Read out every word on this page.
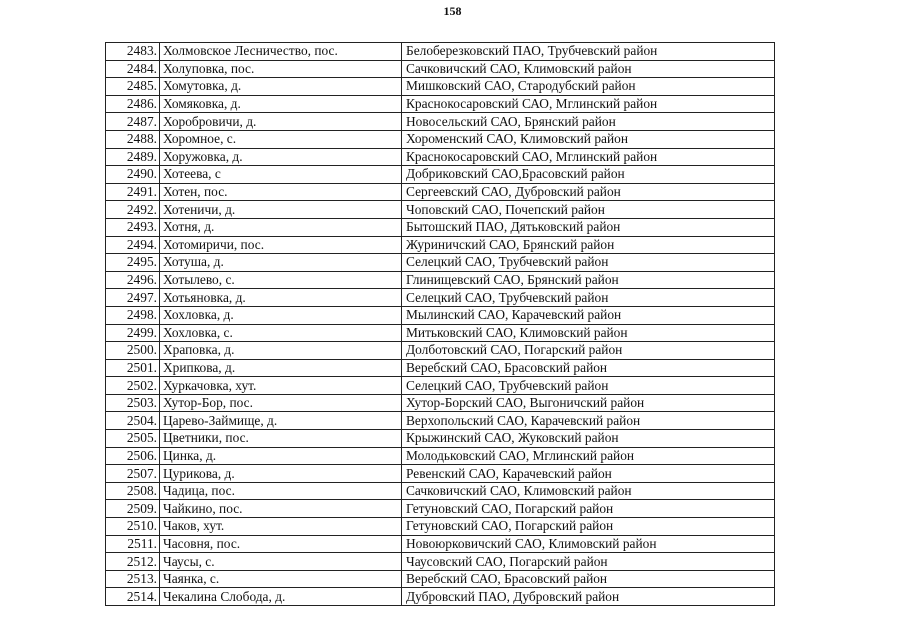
158
2483.	Холмовское Лесничество, пос.	Белоберезковский ПАО, Трубчевский район
2484.	Холуповка, пос.	Сачковичский САО, Климовский район
2485.	Хомутовка, д.	Мишковский САО, Стародубский район
2486.	Хомяковка, д.	Краснокосаровский САО, Мглинский район
2487.	Хоробровичи, д.	Новосельский САО, Брянский район
2488.	Хоромное, с.	Хороменский САО, Климовский район
2489.	Хоружовка, д.	Краснокосаровский САО, Мглинский район
2490.	Хотеева, с	Добриковский САО,Брасовский район
2491.	Хотен, пос.	Сергеевский САО, Дубровский район
2492.	Хотеничи, д.	Чоповский САО, Почепский район
2493.	Хотня, д.	Бытошский ПАО, Дятьковский район
2494.	Хотомиричи, пос.	Журиничский САО, Брянский район
2495.	Хотуша, д.	Селецкий САО, Трубчевский район
2496.	Хотылево, с.	Глинищевский САО, Брянский район
2497.	Хотьяновка, д.	Селецкий САО, Трубчевский район
2498.	Хохловка, д.	Мылинский САО, Карачевский район
2499.	Хохловка, с.	Митьковский САО, Климовский район
2500.	Храповка, д.	Долботовский САО, Погарский район
2501.	Хрипкова, д.	Веребский САО, Брасовский район
2502.	Хуркачовка, хут.	Селецкий САО, Трубчевский район
2503.	Хутор-Бор, пос.	Хутор-Борский САО, Выгоничский район
2504.	Царево-Займище, д.	Верхопольский САО, Карачевский район
2505.	Цветники, пос.	Крыжинский САО, Жуковский район
2506.	Цинка, д.	Молодьковский САО, Мглинский район
2507.	Цурикова, д.	Ревенский САО, Карачевский район
2508.	Чадица, пос.	Сачковичский САО, Климовский район
2509.	Чайкино, пос.	Гетуновский САО, Погарский район
2510.	Чаков, хут.	Гетуновский САО, Погарский район
2511.	Часовня, пос.	Новоюрковичский САО, Климовский район
2512.	Чаусы, с.	Чаусовский САО, Погарский район
2513.	Чаянка, с.	Веребский САО, Брасовский район
2514.	Чекалина Слобода, д.	Дубровский ПАО, Дубровский район
